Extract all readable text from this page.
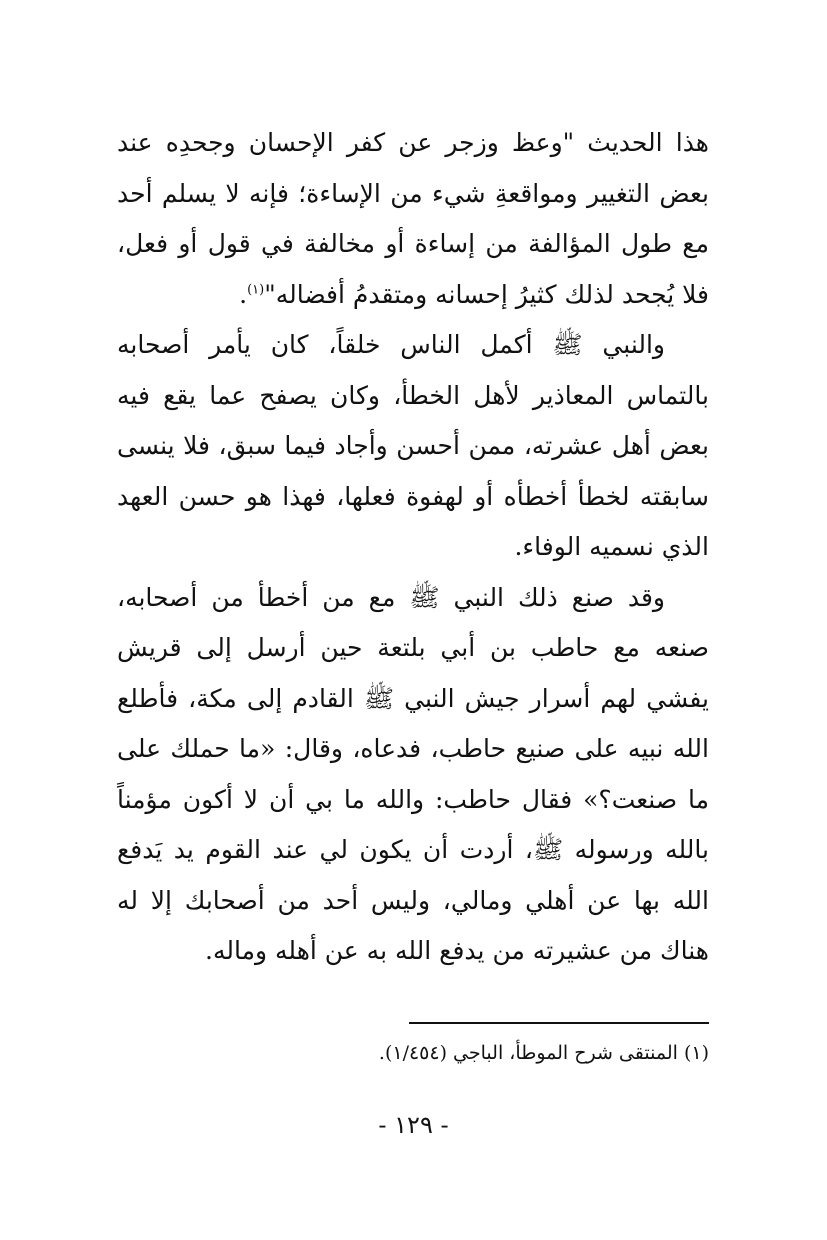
هذا الحديث "وعظ وزجر عن كفر الإحسان وجحدِه عند بعض التغيير ومواقعةِ شيء من الإساءة؛ فإنه لا يسلم أحد مع طول المؤالفة من إساءة أو مخالفة في قول أو فعل، فلا يُجحد لذلك كثيرُ إحسانه ومتقدمُ أفضاله"$^{(١)}$.

والنبي ﷺ أكمل الناس خلقاً، كان يأمر أصحابه بالتماس المعاذير لأهل الخطأ، وكان يصفح عما يقع فيه بعض أهل عشرته، ممن أحسن وأجاد فيما سبق، فلا ينسى سابقته لخطأ أخطأه أو لهفوة فعلها، فهذا هو حسن العهد الذي نسميه الوفاء.

وقد صنع ذلك النبي ﷺ مع من أخطأ من أصحابه، صنعه مع حاطب بن أبي بلتعة حين أرسل إلى قريش يفشي لهم أسرار جيش النبي ﷺ القادم إلى مكة، فأطلع الله نبيه على صنيع حاطب، فدعاه، وقال: «ما حملك على ما صنعت؟» فقال حاطب: والله ما بي أن لا أكون مؤمناً بالله ورسوله ﷺ، أردت أن يكون لي عند القوم يد يَدفع الله بها عن أهلي ومالي، وليس أحد من أصحابك إلا له هناك من عشيرته من يدفع الله به عن أهله وماله.

(١) المنتقى شرح الموطأ، الباجي (١/٤٥٤).
- ١٢٩ -
